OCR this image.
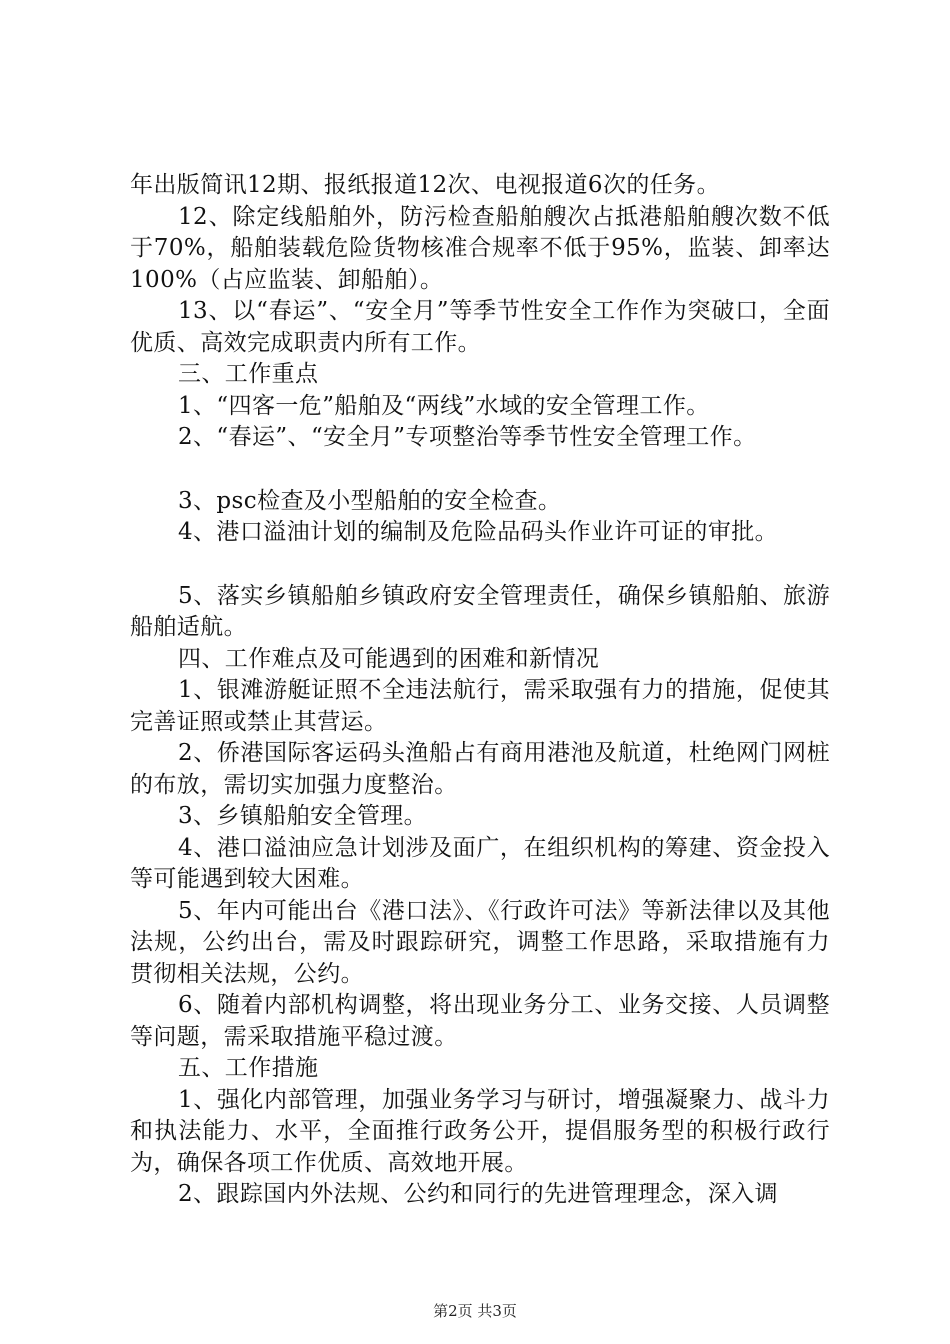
年出版简讯12期、报纸报道12次、电视报道6次的任务。

12、除定线船舶外，防污检查船舶艘次占抵港船舶艘次数不低于70%，船舶装载危险货物核准合规率不低于95%，监装、卸率达100%（占应监装、卸船舶）。

13、以“春运”、“安全月”等季节性安全工作作为突破口，全面优质、高效完成职责内所有工作。

三、工作重点

1、“四客一危”船舶及“两线”水域的安全管理工作。

2、“春运”、“安全月”专项整治等季节性安全管理工作。

3、psc检查及小型船舶的安全检查。

4、港口溢油计划的编制及危险品码头作业许可证的审批。

5、落实乡镇船舶乡镇政府安全管理责任，确保乡镇船舶、旅游船舶适航。

四、工作难点及可能遇到的困难和新情况

1、银滩游艇证照不全违法航行，需采取强有力的措施，促使其完善证照或禁止其营运。

2、侨港国际客运码头渔船占有商用港池及航道，杜绝网门网桩的布放，需切实加强力度整治。

3、乡镇船舶安全管理。

4、港口溢油应急计划涉及面广，在组织机构的筹建、资金投入等可能遇到较大困难。

5、年内可能出台《港口法》、《行政许可法》等新法律以及其他法规，公约出台，需及时跟踪研究，调整工作思路，采取措施有力贯彻相关法规，公约。

6、随着内部机构调整，将出现业务分工、业务交接、人员调整等问题，需采取措施平稳过渡。

五、工作措施

1、强化内部管理，加强业务学习与研讨，增强凝聚力、战斗力和执法能力、水平，全面推行政务公开，提倡服务型的积极行政行为，确保各项工作优质、高效地开展。

2、跟踪国内外法规、公约和同行的先进管理理念，深入调

第2页 共3页
